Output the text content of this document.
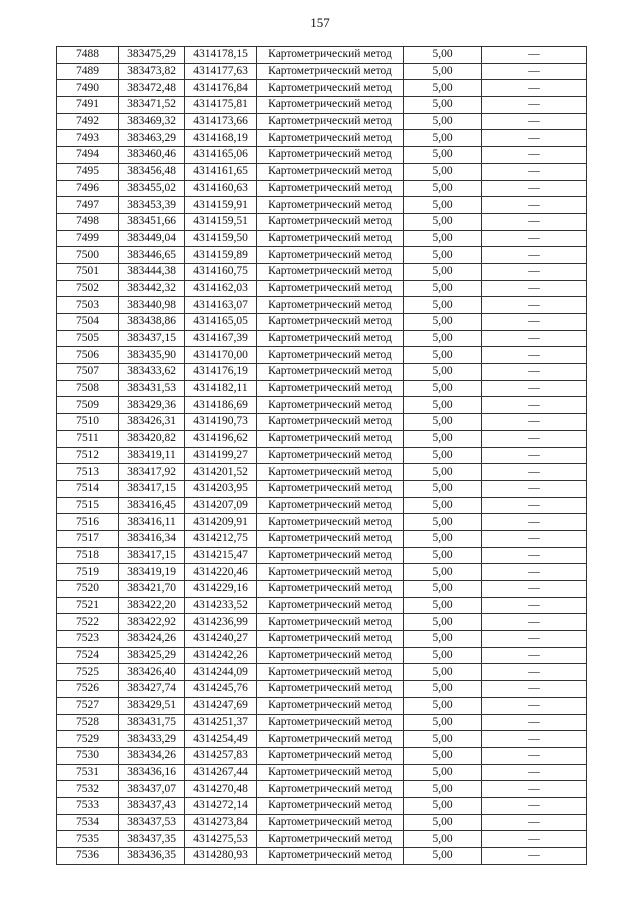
157
7488	383475,29	4314178,15	Картометрический метод	5,00	—
7489	383473,82	4314177,63	Картометрический метод	5,00	—
7490	383472,48	4314176,84	Картометрический метод	5,00	—
7491	383471,52	4314175,81	Картометрический метод	5,00	—
7492	383469,32	4314173,66	Картометрический метод	5,00	—
7493	383463,29	4314168,19	Картометрический метод	5,00	—
7494	383460,46	4314165,06	Картометрический метод	5,00	—
7495	383456,48	4314161,65	Картометрический метод	5,00	—
7496	383455,02	4314160,63	Картометрический метод	5,00	—
7497	383453,39	4314159,91	Картометрический метод	5,00	—
7498	383451,66	4314159,51	Картометрический метод	5,00	—
7499	383449,04	4314159,50	Картометрический метод	5,00	—
7500	383446,65	4314159,89	Картометрический метод	5,00	—
7501	383444,38	4314160,75	Картометрический метод	5,00	—
7502	383442,32	4314162,03	Картометрический метод	5,00	—
7503	383440,98	4314163,07	Картометрический метод	5,00	—
7504	383438,86	4314165,05	Картометрический метод	5,00	—
7505	383437,15	4314167,39	Картометрический метод	5,00	—
7506	383435,90	4314170,00	Картометрический метод	5,00	—
7507	383433,62	4314176,19	Картометрический метод	5,00	—
7508	383431,53	4314182,11	Картометрический метод	5,00	—
7509	383429,36	4314186,69	Картометрический метод	5,00	—
7510	383426,31	4314190,73	Картометрический метод	5,00	—
7511	383420,82	4314196,62	Картометрический метод	5,00	—
7512	383419,11	4314199,27	Картометрический метод	5,00	—
7513	383417,92	4314201,52	Картометрический метод	5,00	—
7514	383417,15	4314203,95	Картометрический метод	5,00	—
7515	383416,45	4314207,09	Картометрический метод	5,00	—
7516	383416,11	4314209,91	Картометрический метод	5,00	—
7517	383416,34	4314212,75	Картометрический метод	5,00	—
7518	383417,15	4314215,47	Картометрический метод	5,00	—
7519	383419,19	4314220,46	Картометрический метод	5,00	—
7520	383421,70	4314229,16	Картометрический метод	5,00	—
7521	383422,20	4314233,52	Картометрический метод	5,00	—
7522	383422,92	4314236,99	Картометрический метод	5,00	—
7523	383424,26	4314240,27	Картометрический метод	5,00	—
7524	383425,29	4314242,26	Картометрический метод	5,00	—
7525	383426,40	4314244,09	Картометрический метод	5,00	—
7526	383427,74	4314245,76	Картометрический метод	5,00	—
7527	383429,51	4314247,69	Картометрический метод	5,00	—
7528	383431,75	4314251,37	Картометрический метод	5,00	—
7529	383433,29	4314254,49	Картометрический метод	5,00	—
7530	383434,26	4314257,83	Картометрический метод	5,00	—
7531	383436,16	4314267,44	Картометрический метод	5,00	—
7532	383437,07	4314270,48	Картометрический метод	5,00	—
7533	383437,43	4314272,14	Картометрический метод	5,00	—
7534	383437,53	4314273,84	Картометрический метод	5,00	—
7535	383437,35	4314275,53	Картометрический метод	5,00	—
7536	383436,35	4314280,93	Картометрический метод	5,00	—
